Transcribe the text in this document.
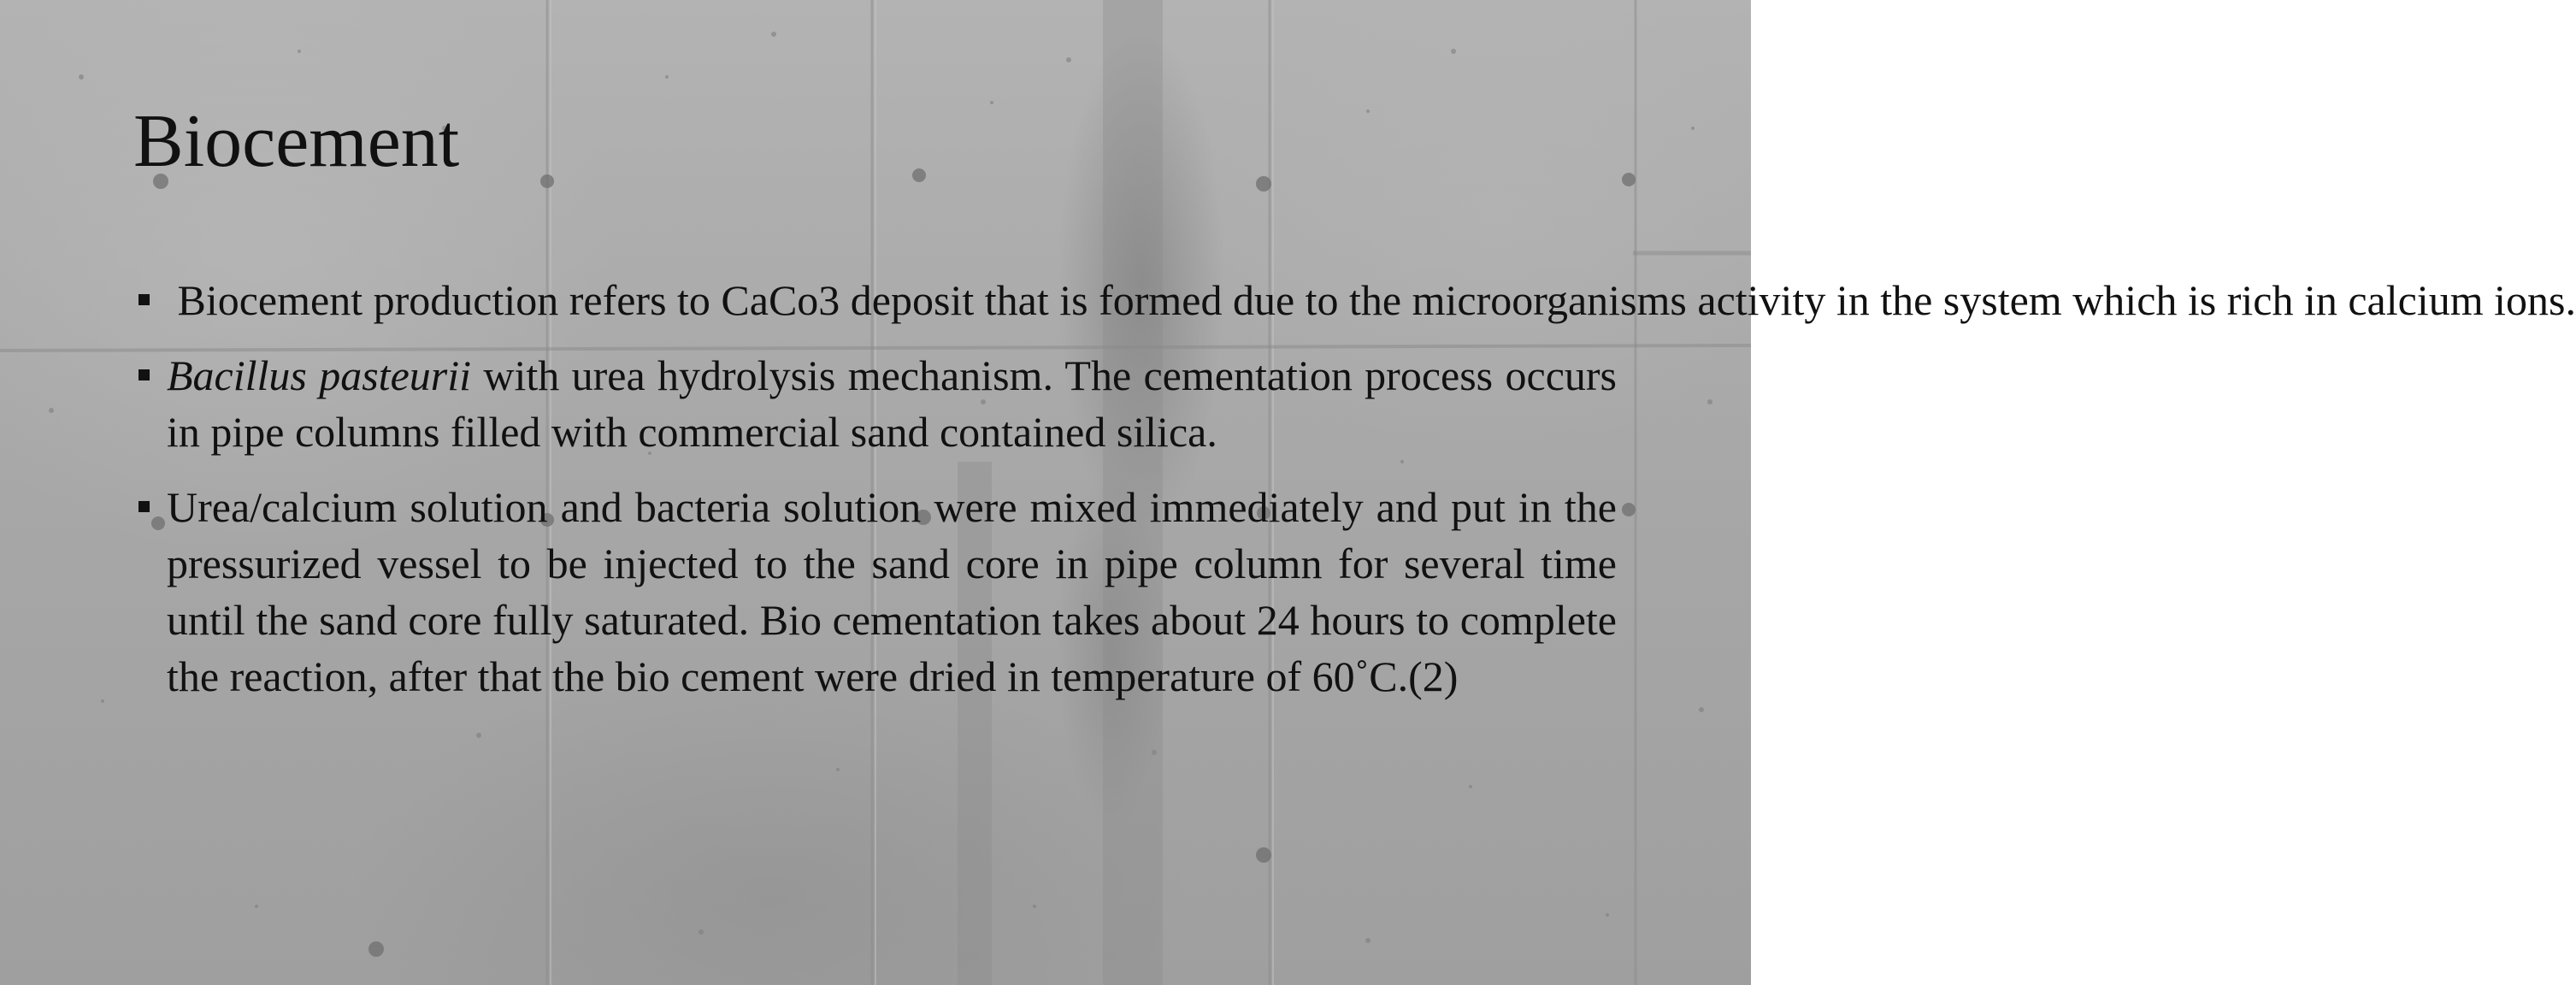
Biocement
Biocement production refers to CaCo3 deposit that is formed due to the microorganisms activity in the system which is rich in calcium ions.
Bacillus pasteurii with urea hydrolysis mechanism. The cementation process occurs in pipe columns filled with commercial sand contained silica.
Urea/calcium solution and bacteria solution were mixed immediately and put in the pressurized vessel to be injected to the sand core in pipe column for several time until the sand core fully saturated. Bio cementation takes about 24 hours to complete the reaction, after that the bio cement were dried in temperature of 60˚C.(2)
